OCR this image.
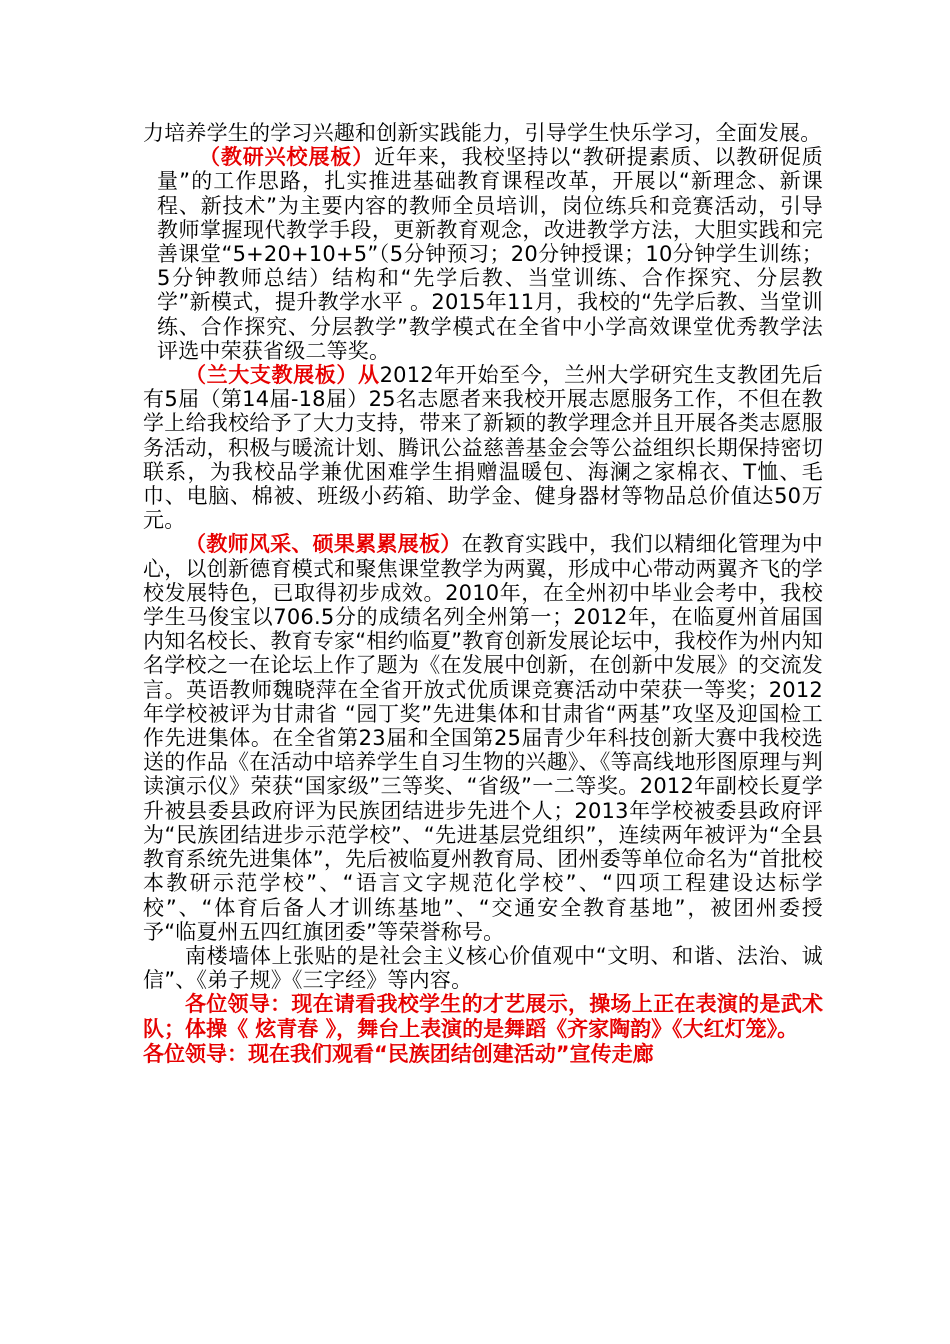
力培养学生的学习兴趣和创新实践能力，引导学生快乐学习，全面发展。

（教研兴校展板）近年来，我校坚持以“教研提素质、以教研促质量”的工作思路，扎实推进基础教育课程改革，开展以“新理念、新课程、新技术”为主要内容的教师全员培训，岗位练兵和竞赛活动，引导教师掌握现代教学手段，更新教育观念，改进教学方法，大胆实践和完善课堂“5+20+10+5”（5分钟预习；20分钟授课；10分钟学生训练；5分钟教师总结）结构和“先学后教、当堂训练、合作探究、分层教学”新模式，提升教学水平 。2015年11月，我校的“先学后教、当堂训练、合作探究、分层教学”教学模式在全省中小学高效课堂优秀教学法评选中荣获省级二等奖。

（兰大支教展板）从2012年开始至今，兰州大学研究生支教团先后有5届（第14届-18届）25名志愿者来我校开展志愿服务工作，不但在教学上给我校给予了大力支持，带来了新颖的教学理念并且开展各类志愿服务活动，积极与暖流计划、腾讯公益慈善基金会等公益组织长期保持密切联系，为我校品学兼优困难学生捐赠温暖包、海澜之家棉衣、T恤、毛巾、电脑、棉被、班级小药箱、助学金、健身器材等物品总价值达50万元。

（教师风采、硕果累累展板）在教育实践中，我们以精细化管理为中心，以创新德育模式和聚焦课堂教学为两翼，形成中心带动两翼齐飞的学校发展特色，已取得初步成效。2010年，在全州初中毕业会考中，我校学生马俊宝以706.5分的成绩名列全州第一；2012年，在临夏州首届国内知名校长、教育专家“相约临夏”教育创新发展论坛中，我校作为州内知名学校之一在论坛上作了题为《在发展中创新，在创新中发展》的交流发言。英语教师魏晓萍在全省开放式优质课竞赛活动中荣获一等奖；2012年学校被评为甘肃省 “园丁奖”先进集体和甘肃省“两基”攻坚及迎国检工作先进集体。在全省第23届和全国第25届青少年科技创新大赛中我校选送的作品《在活动中培养学生自习生物的兴趣》、《等高线地形图原理与判读演示仪》荣获“国家级”三等奖、“省级”一二等奖。2012年副校长夏学升被县委县政府评为民族团结进步先进个人；2013年学校被委县政府评为“民族团结进步示范学校”、“先进基层党组织”，连续两年被评为“全县教育系统先进集体”，先后被临夏州教育局、团州委等单位命名为“首批校本教研示范学校”、“语言文字规范化学校”、“四项工程建设达标学校”、“体育后备人才训练基地”、“交通安全教育基地”，被团州委授予“临夏州五四红旗团委”等荣誉称号。

南楼墙体上张贴的是社会主义核心价值观中“文明、和谐、法治、诚信”、《弟子规》《三字经》等内容。

各位领导：现在请看我校学生的才艺展示，操场上正在表演的是武术队；体操《 炫青春 》，舞台上表演的是舞蹈《齐家陶韵》《大红灯笼》。

各位领导：现在我们观看“民族团结创建活动”宣传走廊
